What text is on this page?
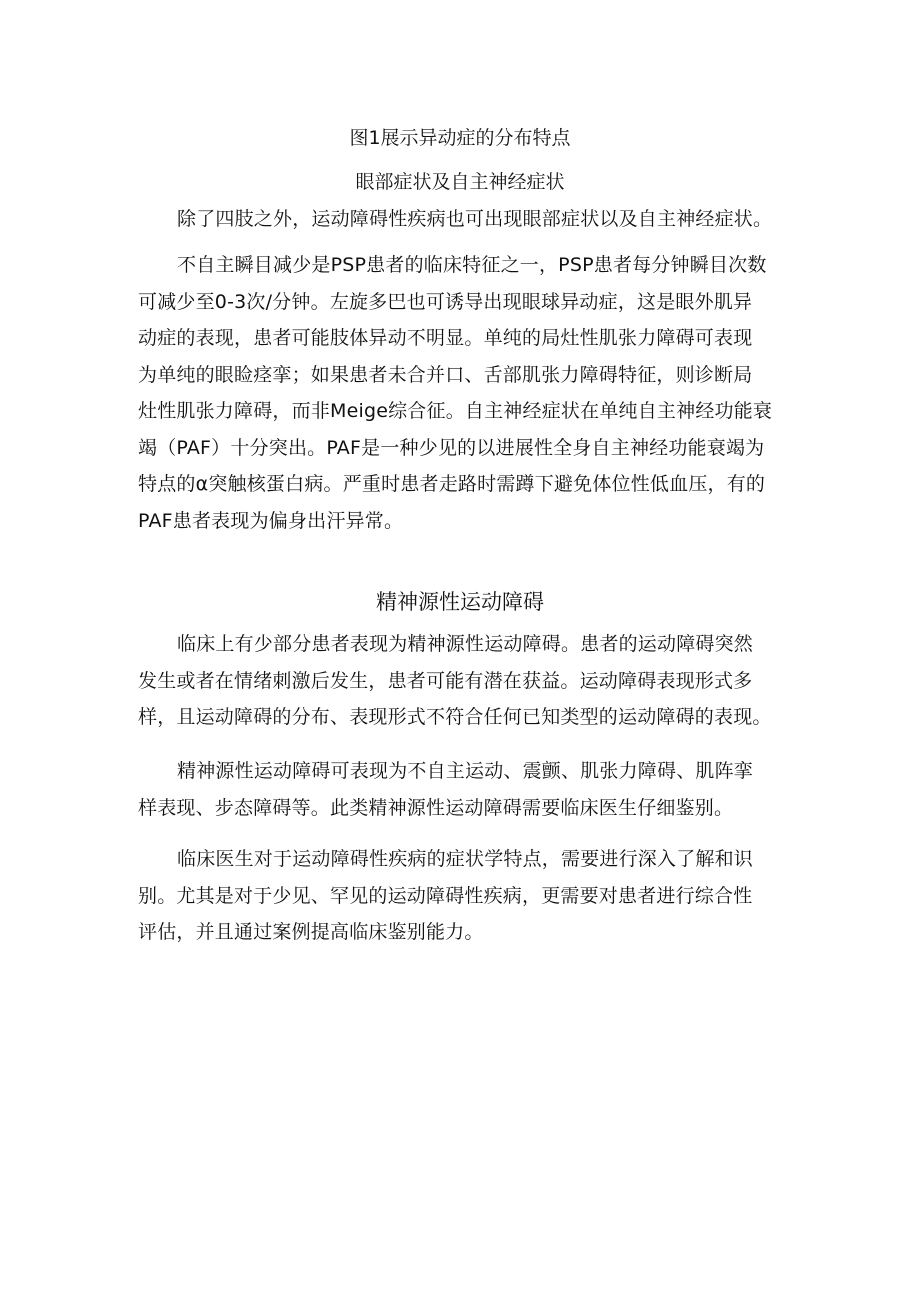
图1展示异动症的分布特点
眼部症状及自主神经症状
除了四肢之外，运动障碍性疾病也可出现眼部症状以及自主神经症状。
不自主瞬目减少是PSP患者的临床特征之一，PSP患者每分钟瞬目次数
可减少至0-3次/分钟。左旋多巴也可诱导出现眼球异动症，这是眼外肌异
动症的表现，患者可能肢体异动不明显。单纯的局灶性肌张力障碍可表现
为单纯的眼睑痉挛；如果患者未合并口、舌部肌张力障碍特征，则诊断局
灶性肌张力障碍，而非Meige综合征。自主神经症状在单纯自主神经功能衰
竭（PAF）十分突出。PAF是一种少见的以进展性全身自主神经功能衰竭为
特点的α突触核蛋白病。严重时患者走路时需蹲下避免体位性低血压，有的
PAF患者表现为偏身出汗异常。
精神源性运动障碍
临床上有少部分患者表现为精神源性运动障碍。患者的运动障碍突然
发生或者在情绪刺激后发生，患者可能有潜在获益。运动障碍表现形式多
样，且运动障碍的分布、表现形式不符合任何已知类型的运动障碍的表现。
精神源性运动障碍可表现为不自主运动、震颤、肌张力障碍、肌阵挛
样表现、步态障碍等。此类精神源性运动障碍需要临床医生仔细鉴别。
临床医生对于运动障碍性疾病的症状学特点，需要进行深入了解和识
别。尤其是对于少见、罕见的运动障碍性疾病，更需要对患者进行综合性
评估，并且通过案例提高临床鉴别能力。
